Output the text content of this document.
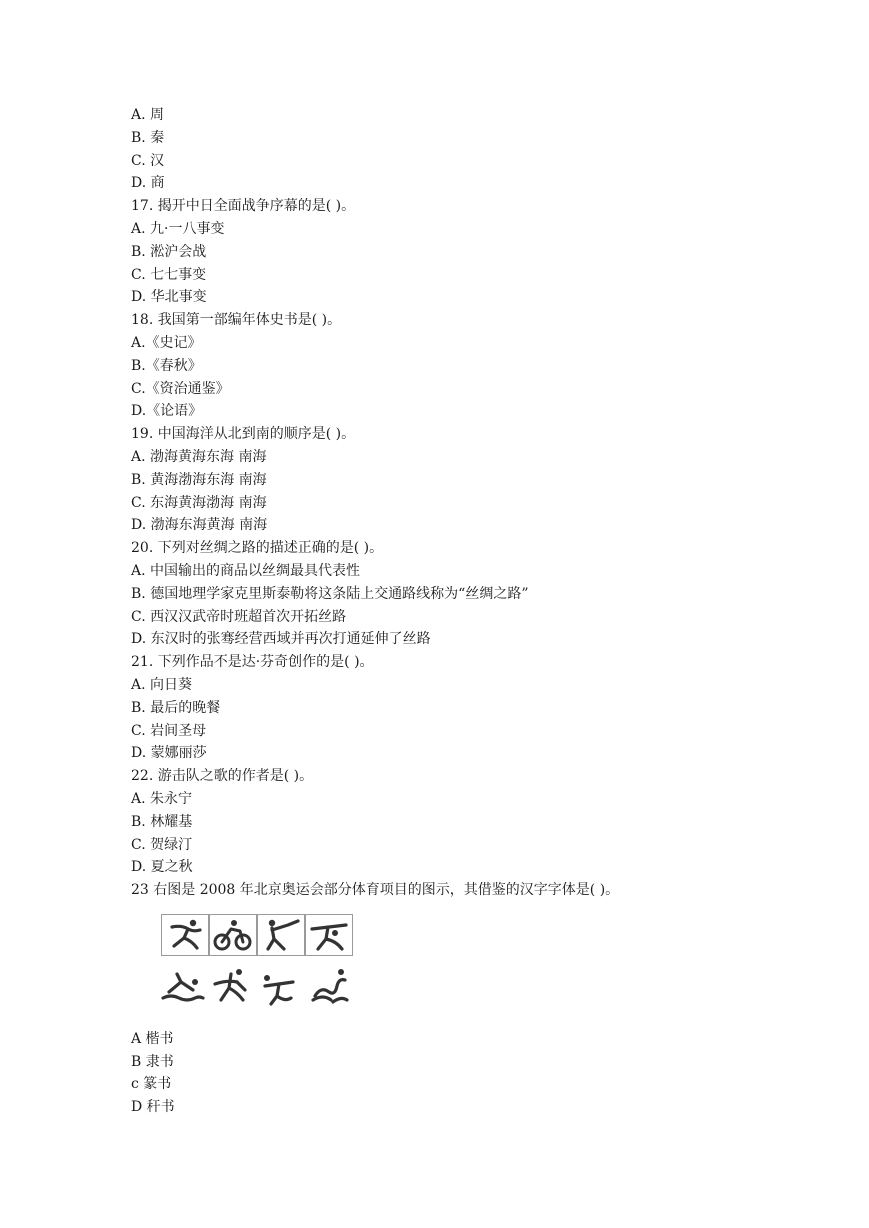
A. 周
B. 秦
C. 汉
D. 商
17. 揭开中日全面战争序幕的是( )。
A. 九·一八事变
B. 淞沪会战
C. 七七事变
D. 华北事变
18. 我国第一部编年体史书是( )。
A.《史记》
B.《春秋》
C.《资治通鉴》
D.《论语》
19. 中国海洋从北到南的顺序是( )。
A. 渤海黄海东海 南海
B. 黄海渤海东海 南海
C. 东海黄海渤海 南海
D. 渤海东海黄海 南海
20. 下列对丝绸之路的描述正确的是( )。
A. 中国输出的商品以丝绸最具代表性
B. 德国地理学家克里斯泰勒将这条陆上交通路线称为“丝绸之路”
C. 西汉汉武帝时班超首次开拓丝路
D. 东汉时的张骞经营西域并再次打通延伸了丝路
21. 下列作品不是达·芬奇创作的是( )。
A. 向日葵
B. 最后的晚餐
C. 岩间圣母
D. 蒙娜丽莎
22. 游击队之歌的作者是( )。
A. 朱永宁
B. 林耀基
C. 贺绿汀
D. 夏之秋
23 右图是 2008 年北京奥运会部分体育项目的图示，其借鉴的汉字字体是( )。
A 楷书
B 隶书
c 篆书
D 秆书
